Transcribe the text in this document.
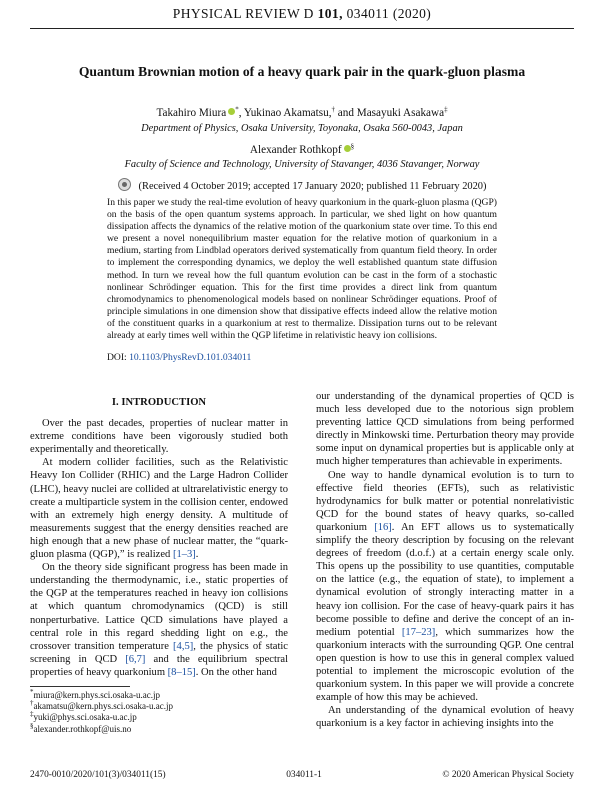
PHYSICAL REVIEW D 101, 034011 (2020)
Quantum Brownian motion of a heavy quark pair in the quark-gluon plasma
Takahiro Miura *, Yukinao Akamatsu,† and Masayuki Asakawa‡
Department of Physics, Osaka University, Toyonaka, Osaka 560-0043, Japan
Alexander Rothkopf §
Faculty of Science and Technology, University of Stavanger, 4036 Stavanger, Norway
(Received 4 October 2019; accepted 17 January 2020; published 11 February 2020)
In this paper we study the real-time evolution of heavy quarkonium in the quark-gluon plasma (QGP) on the basis of the open quantum systems approach. In particular, we shed light on how quantum dissipation affects the dynamics of the relative motion of the quarkonium state over time. To this end we present a novel nonequilibrium master equation for the relative motion of quarkonium in a medium, starting from Lindblad operators derived systematically from quantum field theory. In order to implement the corresponding dynamics, we deploy the well established quantum state diffusion method. In turn we reveal how the full quantum evolution can be cast in the form of a stochastic nonlinear Schrödinger equation. This for the first time provides a direct link from quantum chromodynamics to phenomenological models based on nonlinear Schrödinger equations. Proof of principle simulations in one dimension show that dissipative effects indeed allow the relative motion of the constituent quarks in a quarkonium at rest to thermalize. Dissipation turns out to be relevant already at early times well within the QGP lifetime in relativistic heavy ion collisions.
DOI: 10.1103/PhysRevD.101.034011
I. INTRODUCTION

Over the past decades, properties of nuclear matter in extreme conditions have been vigorously studied both experimentally and theoretically.

At modern collider facilities, such as the Relativistic Heavy Ion Collider (RHIC) and the Large Hadron Collider (LHC), heavy nuclei are collided at ultrarelativistic energy to create a multiparticle system in the collision center, endowed with an extremely high energy density. A multitude of measurements suggest that the energy densities reached are high enough that a new phase of nuclear matter, the “quark-gluon plasma (QGP),” is realized [1–3].

On the theory side significant progress has been made in understanding the thermodynamic, i.e., static properties of the QGP at the temperatures reached in heavy ion collisions at which quantum chromodynamics (QCD) is still nonperturbative. Lattice QCD simulations have played a central role in this regard shedding light on e.g., the crossover transition temperature [4,5], the physics of static screening in QCD [6,7] and the equilibrium spectral properties of heavy quarkonium [8–15]. On the other hand

our understanding of the dynamical properties of QCD is much less developed due to the notorious sign problem preventing lattice QCD simulations from being performed directly in Minkowski time. Perturbation theory may provide some input on dynamical properties but is applicable only at much higher temperatures than achievable in experiments.

One way to handle dynamical evolution is to turn to effective field theories (EFTs), such as relativistic hydrodynamics for bulk matter or potential nonrelativistic QCD for the bound states of heavy quarks, so-called quarkonium [16]. An EFT allows us to systematically simplify the theory description by focusing on the relevant degrees of freedom (d.o.f.) at a certain energy scale only. This opens up the possibility to use quantities, computable on the lattice (e.g., the equation of state), to implement a dynamical evolution of strongly interacting matter in a heavy ion collision. For the case of heavy-quark pairs it has become possible to define and derive the concept of an in-medium potential [17–23], which summarizes how the quarkonium interacts with the surrounding QGP. One central open question is how to use this in general complex valued potential to implement the microscopic evolution of the quarkonium system. In this paper we will provide a concrete example of how this may be achieved.

An understanding of the dynamical evolution of heavy quarkonium is a key factor in achieving insights into the

*miura@kern.phys.sci.osaka-u.ac.jp
†akamatsu@kern.phys.sci.osaka-u.ac.jp
‡yuki@phys.sci.osaka-u.ac.jp
§alexander.rothkopf@uis.no
2470-0010/2020/101(3)/034011(15)	034011-1	© 2020 American Physical Society
